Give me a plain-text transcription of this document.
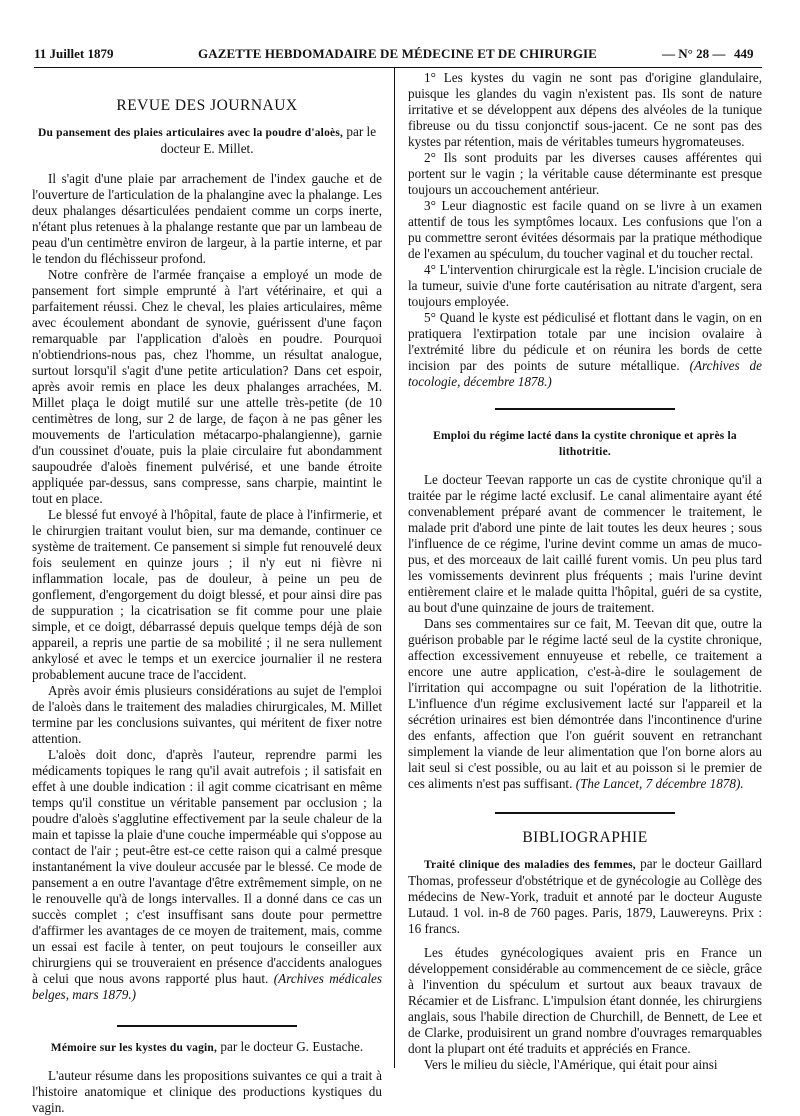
11 Juillet 1879	GAZETTE HEBDOMADAIRE DE MÉDECINE ET DE CHIRURGIE	— N° 28 — 449

REVUE DES JOURNAUX

Du pansement des plaies articulaires avec la poudre d'aloès, par le docteur E. Millet.

Il s'agit d'une plaie par arrachement de l'index gauche et de l'ouverture de l'articulation de la phalangine avec la phalange. Les deux phalanges désarticulées pendaient comme un corps inerte, n'étant plus retenues à la phalange restante que par un lambeau de peau d'un centimètre environ de largeur, à la partie interne, et par le tendon du fléchisseur profond.

Notre confrère de l'armée française a employé un mode de pansement fort simple emprunté à l'art vétérinaire, et qui a parfaitement réussi. Chez le cheval, les plaies articulaires, même avec écoulement abondant de synovie, guérissent d'une façon remarquable par l'application d'aloès en poudre. Pourquoi n'obtiendrions-nous pas, chez l'homme, un résultat analogue, surtout lorsqu'il s'agit d'une petite articulation? Dans cet espoir, après avoir remis en place les deux phalanges arrachées, M. Millet plaça le doigt mutilé sur une attelle très-petite (de 10 centimètres de long, sur 2 de large, de façon à ne pas gêner les mouvements de l'articulation métacarpo-phalangienne), garnie d'un coussinet d'ouate, puis la plaie circulaire fut abondamment saupoudrée d'aloès finement pulvérisé, et une bande étroite appliquée par-dessus, sans compresse, sans charpie, maintint le tout en place.

Le blessé fut envoyé à l'hôpital, faute de place à l'infirmerie, et le chirurgien traitant voulut bien, sur ma demande, continuer ce système de traitement. Ce pansement si simple fut renouvelé deux fois seulement en quinze jours ; il n'y eut ni fièvre ni inflammation locale, pas de douleur, à peine un peu de gonflement, d'engorgement du doigt blessé, et pour ainsi dire pas de suppuration ; la cicatrisation se fit comme pour une plaie simple, et ce doigt, débarrassé depuis quelque temps déjà de son appareil, a repris une partie de sa mobilité ; il ne sera nullement ankylosé et avec le temps et un exercice journalier il ne restera probablement aucune trace de l'accident.

Après avoir émis plusieurs considérations au sujet de l'emploi de l'aloès dans le traitement des maladies chirurgicales, M. Millet termine par les conclusions suivantes, qui méritent de fixer notre attention.

L'aloès doit donc, d'après l'auteur, reprendre parmi les médicaments topiques le rang qu'il avait autrefois ; il satisfait en effet à une double indication : il agit comme cicatrisant en même temps qu'il constitue un véritable pansement par occlusion ; la poudre d'aloès s'agglutine effectivement par la seule chaleur de la main et tapisse la plaie d'une couche imperméable qui s'oppose au contact de l'air ; peut-être est-ce cette raison qui a calmé presque instantanément la vive douleur accusée par le blessé. Ce mode de pansement a en outre l'avantage d'être extrêmement simple, on ne le renouvelle qu'à de longs intervalles. Il a donné dans ce cas un succès complet ; c'est insuffisant sans doute pour permettre d'affirmer les avantages de ce moyen de traitement, mais, comme un essai est facile à tenter, on peut toujours le conseiller aux chirurgiens qui se trouveraient en présence d'accidents analogues à celui que nous avons rapporté plus haut. (Archives médicales belges, mars 1879.)

Mémoire sur les kystes du vagin, par le docteur G. Eustache.

L'auteur résume dans les propositions suivantes ce qui a trait à l'histoire anatomique et clinique des productions kystiques du vagin.

1° Les kystes du vagin ne sont pas d'origine glandulaire, puisque les glandes du vagin n'existent pas. Ils sont de nature irritative et se développent aux dépens des alvéoles de la tunique fibreuse ou du tissu conjonctif sous-jacent. Ce ne sont pas des kystes par rétention, mais de véritables tumeurs hygromateuses.

2° Ils sont produits par les diverses causes afférentes qui portent sur le vagin ; la véritable cause déterminante est presque toujours un accouchement antérieur.

3° Leur diagnostic est facile quand on se livre à un examen attentif de tous les symptômes locaux. Les confusions que l'on a pu commettre seront évitées désormais par la pratique méthodique de l'examen au spéculum, du toucher vaginal et du toucher rectal.

4° L'intervention chirurgicale est la règle. L'incision cruciale de la tumeur, suivie d'une forte cautérisation au nitrate d'argent, sera toujours employée.

5° Quand le kyste est pédiculisé et flottant dans le vagin, on en pratiquera l'extirpation totale par une incision ovalaire à l'extrémité libre du pédicule et on réunira les bords de cette incision par des points de suture métallique. (Archives de tocologie, décembre 1878.)

Emploi du régime lacté dans la cystite chronique et après la lithotritie.

Le docteur Teevan rapporte un cas de cystite chronique qu'il a traitée par le régime lacté exclusif. Le canal alimentaire ayant été convenablement préparé avant de commencer le traitement, le malade prit d'abord une pinte de lait toutes les deux heures ; sous l'influence de ce régime, l'urine devint comme un amas de muco-pus, et des morceaux de lait caillé furent vomis. Un peu plus tard les vomissements devinrent plus fréquents ; mais l'urine devint entièrement claire et le malade quitta l'hôpital, guéri de sa cystite, au bout d'une quinzaine de jours de traitement.

Dans ses commentaires sur ce fait, M. Teevan dit que, outre la guérison probable par le régime lacté seul de la cystite chronique, affection excessivement ennuyeuse et rebelle, ce traitement a encore une autre application, c'est-à-dire le soulagement de l'irritation qui accompagne ou suit l'opération de la lithotritie. L'influence d'un régime exclusivement lacté sur l'appareil et la sécrétion urinaires est bien démontrée dans l'incontinence d'urine des enfants, affection que l'on guérit souvent en retranchant simplement la viande de leur alimentation que l'on borne alors au lait seul si c'est possible, ou au lait et au poisson si le premier de ces aliments n'est pas suffisant. (The Lancet, 7 décembre 1878).

BIBLIOGRAPHIE

Traité clinique des maladies des femmes, par le docteur Gaillard Thomas, professeur d'obstétrique et de gynécologie au Collège des médecins de New-York, traduit et annoté par le docteur Auguste Lutaud. 1 vol. in-8 de 760 pages. Paris, 1879, Lauwereyns. Prix : 16 francs.

Les études gynécologiques avaient pris en France un développement considérable au commencement de ce siècle, grâce à l'invention du spéculum et surtout aux beaux travaux de Récamier et de Lisfranc. L'impulsion étant donnée, les chirurgiens anglais, sous l'habile direction de Churchill, de Bennett, de Lee et de Clarke, produisirent un grand nombre d'ouvrages remarquables dont la plupart ont été traduits et appréciés en France.

Vers le milieu du siècle, l'Amérique, qui était pour ainsi
